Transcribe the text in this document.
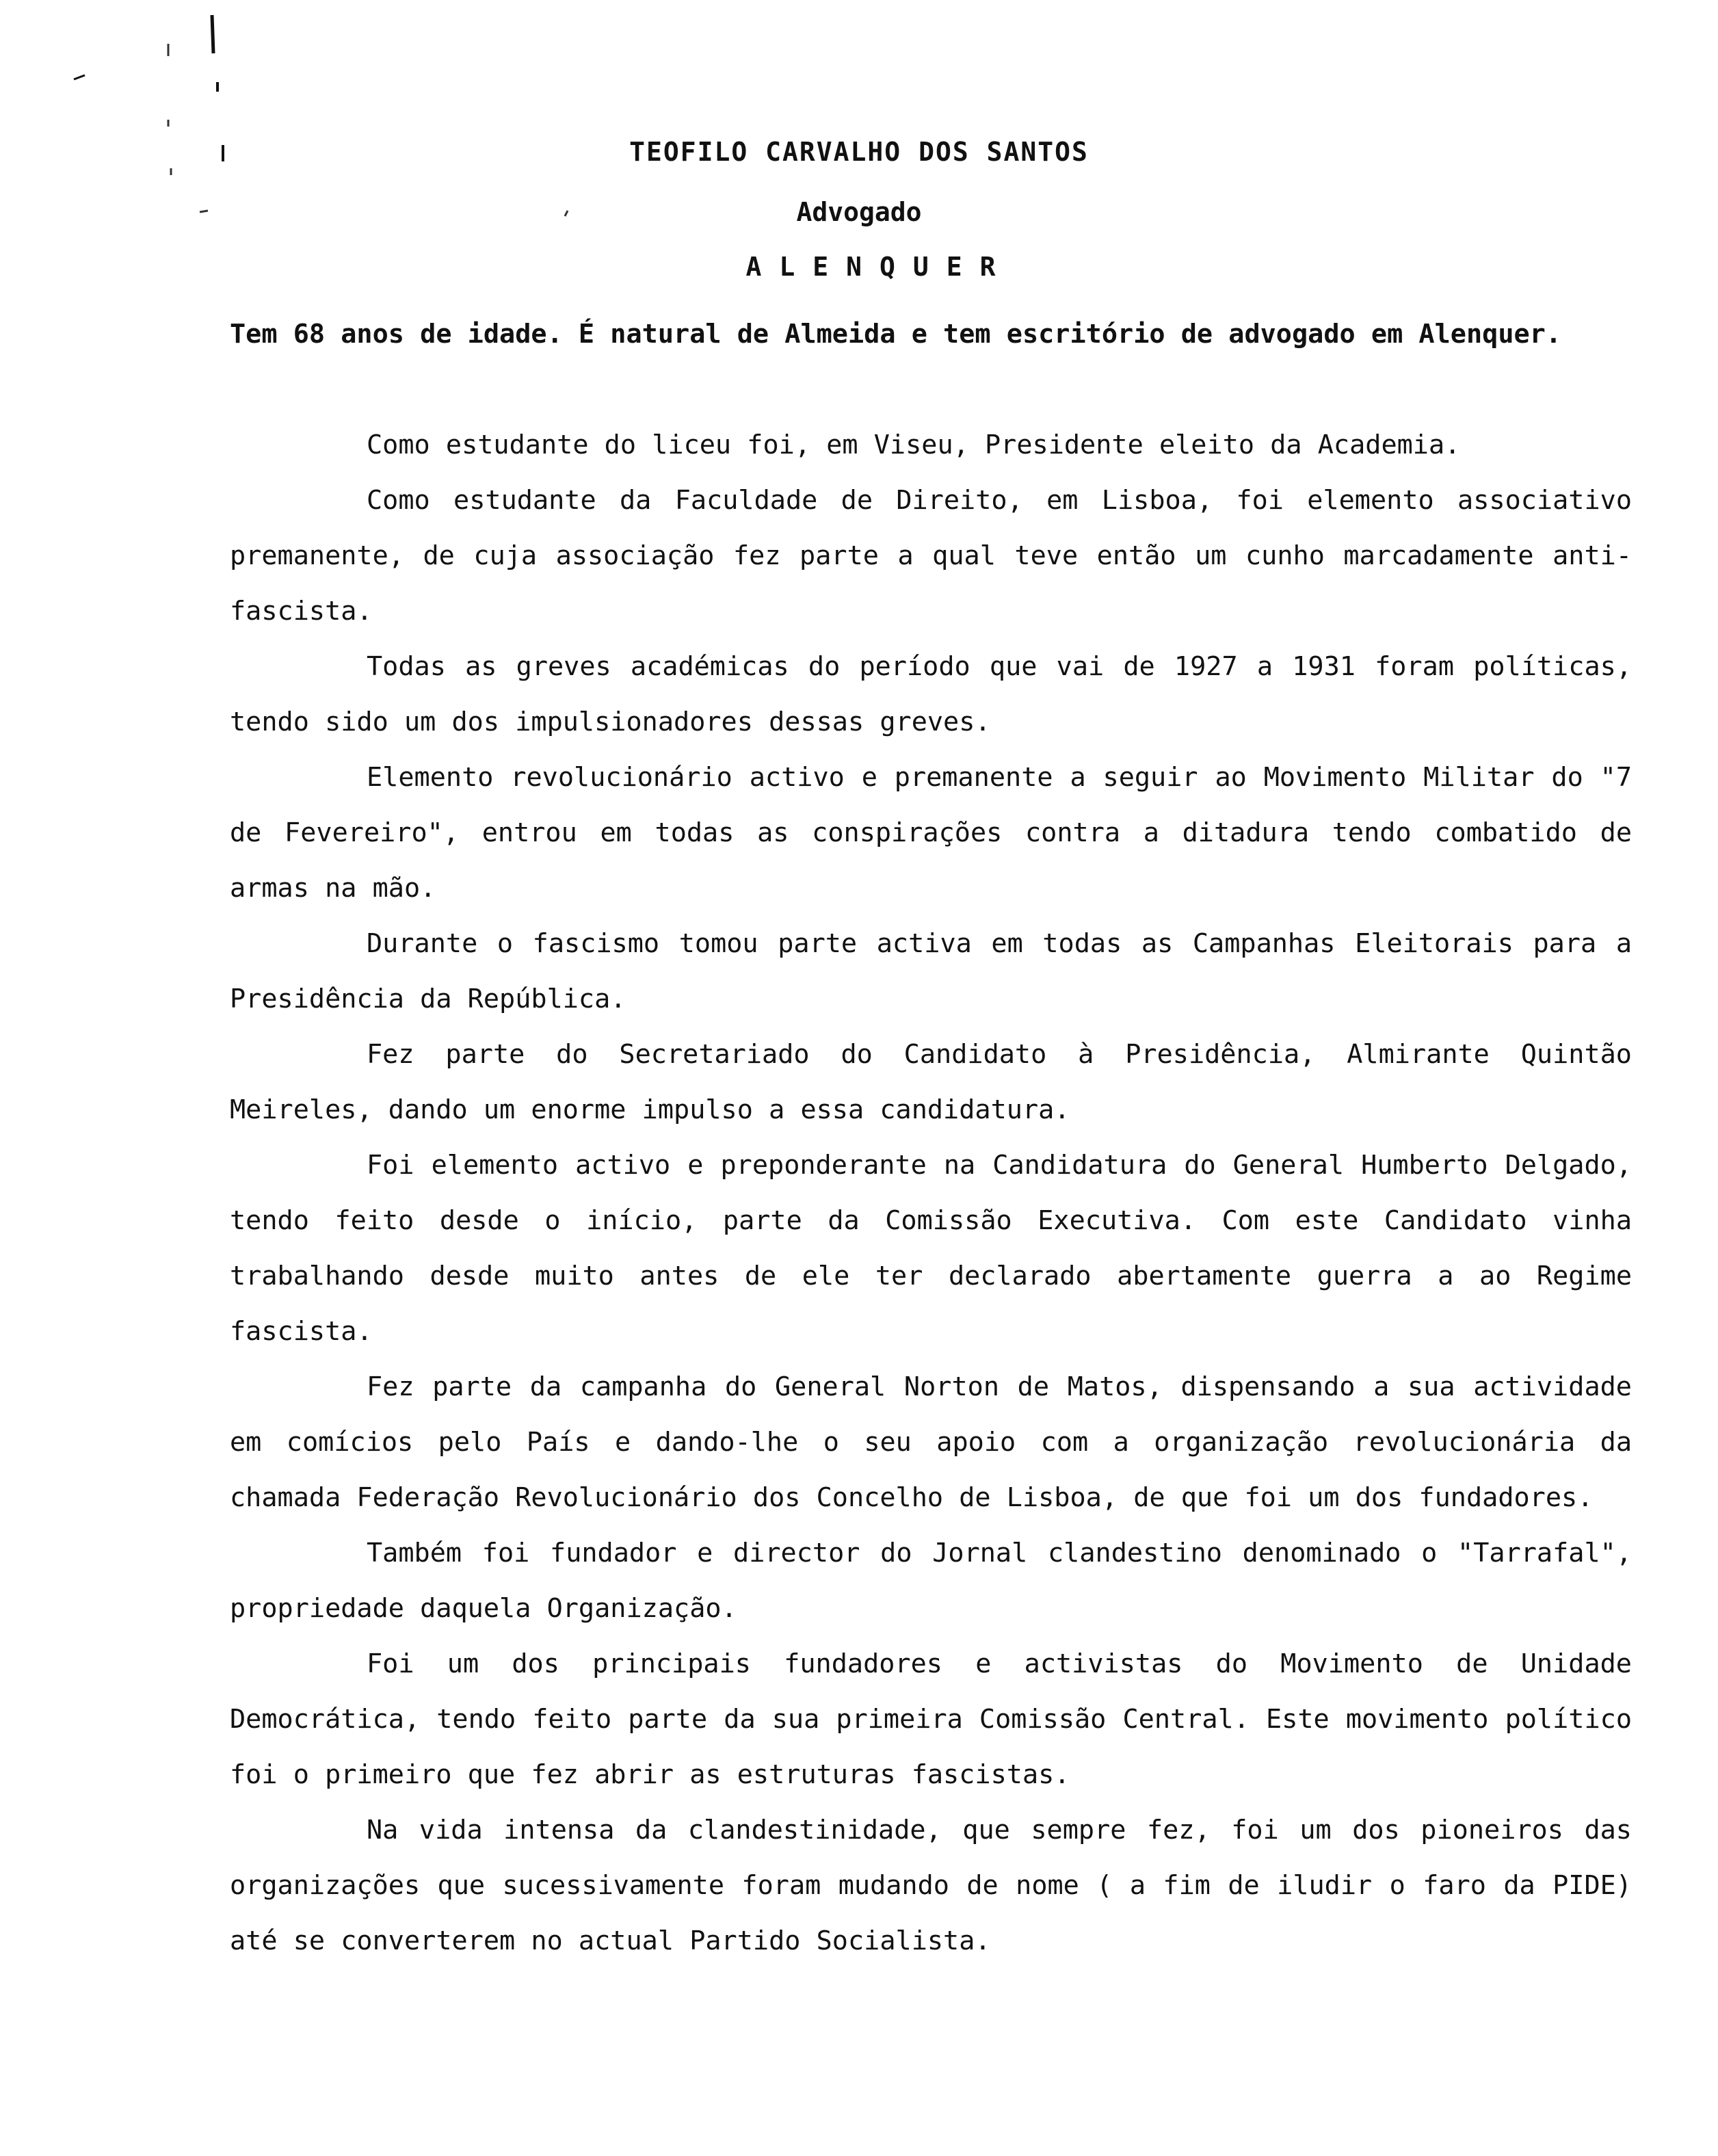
TEOFILO CARVALHO DOS SANTOS
Advogado
ALENQUER

Tem 68 anos de idade. É natural de Almeida e tem escritório de advogado em Alenquer.

Como estudante do liceu foi, em Viseu, Presidente eleito da Academia.

Como estudante da Faculdade de Direito, em Lisboa, foi elemento associativo premanente, de cuja associação fez parte a qual teve então um cunho marcadamente anti-fascista.

Todas as greves académicas do período que vai de 1927 a 1931 foram políticas, tendo sido um dos impulsionadores dessas greves.

Elemento revolucionário activo e premanente a seguir ao Movimento Militar do "7 de Fevereiro", entrou em todas as conspirações contra a ditadura tendo combatido de armas na mão.

Durante o fascismo tomou parte activa em todas as Campanhas Eleitorais para a Presidência da República.

Fez parte do Secretariado do Candidato à Presidência, Almirante Quintão Meireles, dando um enorme impulso a essa candidatura.

Foi elemento activo e preponderante na Candidatura do General Humberto Delgado, tendo feito desde o início, parte da Comissão Executiva. Com este Candidato vinha trabalhando desde muito antes de ele ter declarado abertamente guerra a ao Regime fascista.

Fez parte da campanha do General Norton de Matos, dispensando a sua actividade em comícios pelo País e dando-lhe o seu apoio com a organização revolucionária da chamada Federação Revolucionário dos Concelho de Lisboa, de que foi um dos fundadores.

Também foi fundador e director do Jornal clandestino denominado o "Tarrafal", propriedade daquela Organização.

Foi um dos principais fundadores e activistas do Movimento de Unidade Democrática, tendo feito parte da sua primeira Comissão Central. Este movimento político foi o primeiro que fez abrir as estruturas fascistas.

Na vida intensa da clandestinidade, que sempre fez, foi um dos pioneiros das organizações que sucessivamente foram mudando de nome ( a fim de iludir o faro da PIDE) até se converterem no actual Partido Socialista.
